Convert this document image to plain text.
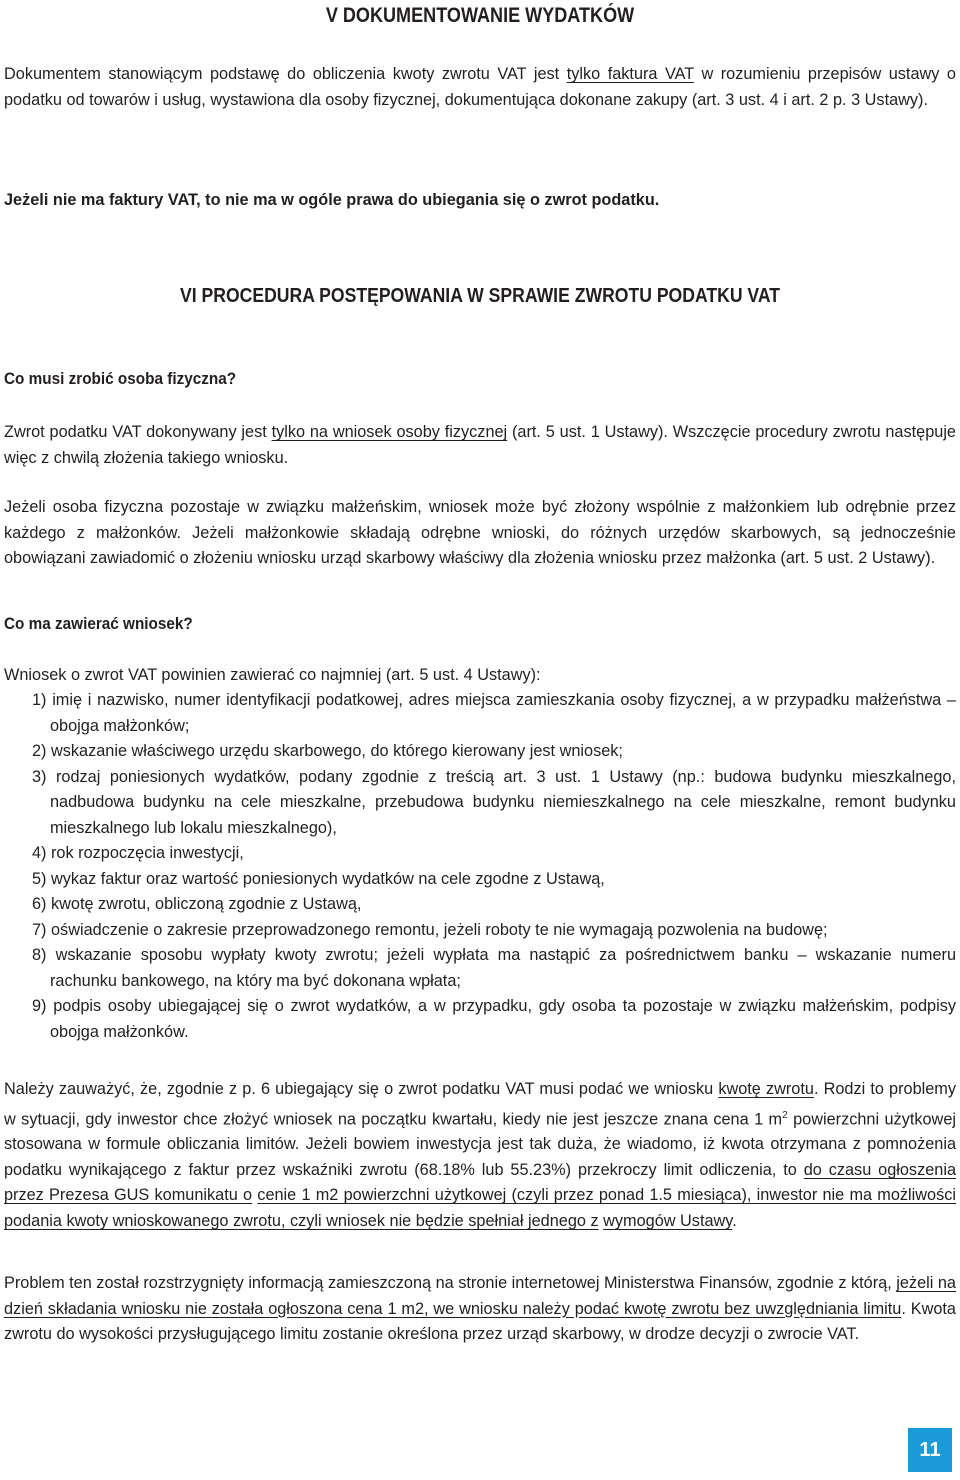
V DOKUMENTOWANIE WYDATKÓW

Dokumentem stanowiącym podstawę do obliczenia kwoty zwrotu VAT jest tylko faktura VAT w rozumieniu przepisów ustawy o podatku od towarów i usług, wystawiona dla osoby fizycznej, dokumentująca dokonane zakupy (art. 3 ust. 4 i art. 2 p. 3 Ustawy).

Jeżeli nie ma faktury VAT, to nie ma w ogóle prawa do ubiegania się o zwrot podatku.

VI PROCEDURA POSTĘPOWANIA W SPRAWIE ZWROTU PODATKU VAT
Co musi zrobić osoba fizyczna?

Zwrot podatku VAT dokonywany jest tylko na wniosek osoby fizycznej (art. 5 ust. 1 Ustawy). Wszczęcie procedury zwrotu następuje więc z chwilą złożenia takiego wniosku.

Jeżeli osoba fizyczna pozostaje w związku małżeńskim, wniosek może być złożony wspólnie z małżonkiem lub odrębnie przez każdego z małżonków. Jeżeli małżonkowie składają odrębne wnioski, do różnych urzędów skarbowych, są jednocześnie obowiązani zawiadomić o złożeniu wniosku urząd skarbowy właściwy dla złożenia wniosku przez małżonka (art. 5 ust. 2 Ustawy).

Co ma zawierać wniosek?

Wniosek o zwrot VAT powinien zawierać co najmniej (art. 5 ust. 4 Ustawy):

1) imię i nazwisko, numer identyfikacji podatkowej, adres miejsca zamieszkania osoby fizycznej, a w przypadku małżeństwa – obojga małżonków;
2) wskazanie właściwego urzędu skarbowego, do którego kierowany jest wniosek;
3) rodzaj poniesionych wydatków, podany zgodnie z treścią art. 3 ust. 1 Ustawy (np.: budowa budynku mieszkalnego, nadbudowa budynku na cele mieszkalne, przebudowa budynku niemieszkalnego na cele mieszkalne, remont budynku mieszkalnego lub lokalu mieszkalnego),
4) rok rozpoczęcia inwestycji,
5) wykaz faktur oraz wartość poniesionych wydatków na cele zgodne z Ustawą,
6) kwotę zwrotu, obliczoną zgodnie z Ustawą,
7) oświadczenie o zakresie przeprowadzonego remontu, jeżeli roboty te nie wymagają pozwolenia na budowę;
8) wskazanie sposobu wypłaty kwoty zwrotu; jeżeli wypłata ma nastąpić za pośrednictwem banku – wskazanie numeru rachunku bankowego, na który ma być dokonana wpłata;
9) podpis osoby ubiegającej się o zwrot wydatków, a w przypadku, gdy osoba ta pozostaje w związku małżeńskim, podpisy obojga małżonków.

Należy zauważyć, że, zgodnie z p. 6 ubiegający się o zwrot podatku VAT musi podać we wniosku kwotę zwrotu. Rodzi to problemy w sytuacji, gdy inwestor chce złożyć wniosek na początku kwartału, kiedy nie jest jeszcze znana cena 1 $m^2$ powierzchni użytkowej stosowana w formule obliczania limitów. Jeżeli bowiem inwestycja jest tak duża, że wiadomo, iż kwota otrzymana z pomnożenia podatku wynikającego z faktur przez wskaźniki zwrotu (68.18% lub 55.23%) przekroczy limit odliczenia, to do czasu ogłoszenia przez Prezesa GUS komunikatu o cenie 1 m2 powierzchni użytkowej (czyli przez ponad 1.5 miesiąca), inwestor nie ma możliwości podania kwoty wnioskowanego zwrotu, czyli wniosek nie będzie spełniał jednego z wymogów Ustawy.

Problem ten został rozstrzygnięty informacją zamieszczoną na stronie internetowej Ministerstwa Finansów, zgodnie z którą, jeżeli na dzień składania wniosku nie została ogłoszona cena 1 m2, we wniosku należy podać kwotę zwrotu bez uwzględniania limitu. Kwota zwrotu do wysokości przysługującego limitu zostanie określona przez urząd skarbowy, w drodze decyzji o zwrocie VAT.

11
